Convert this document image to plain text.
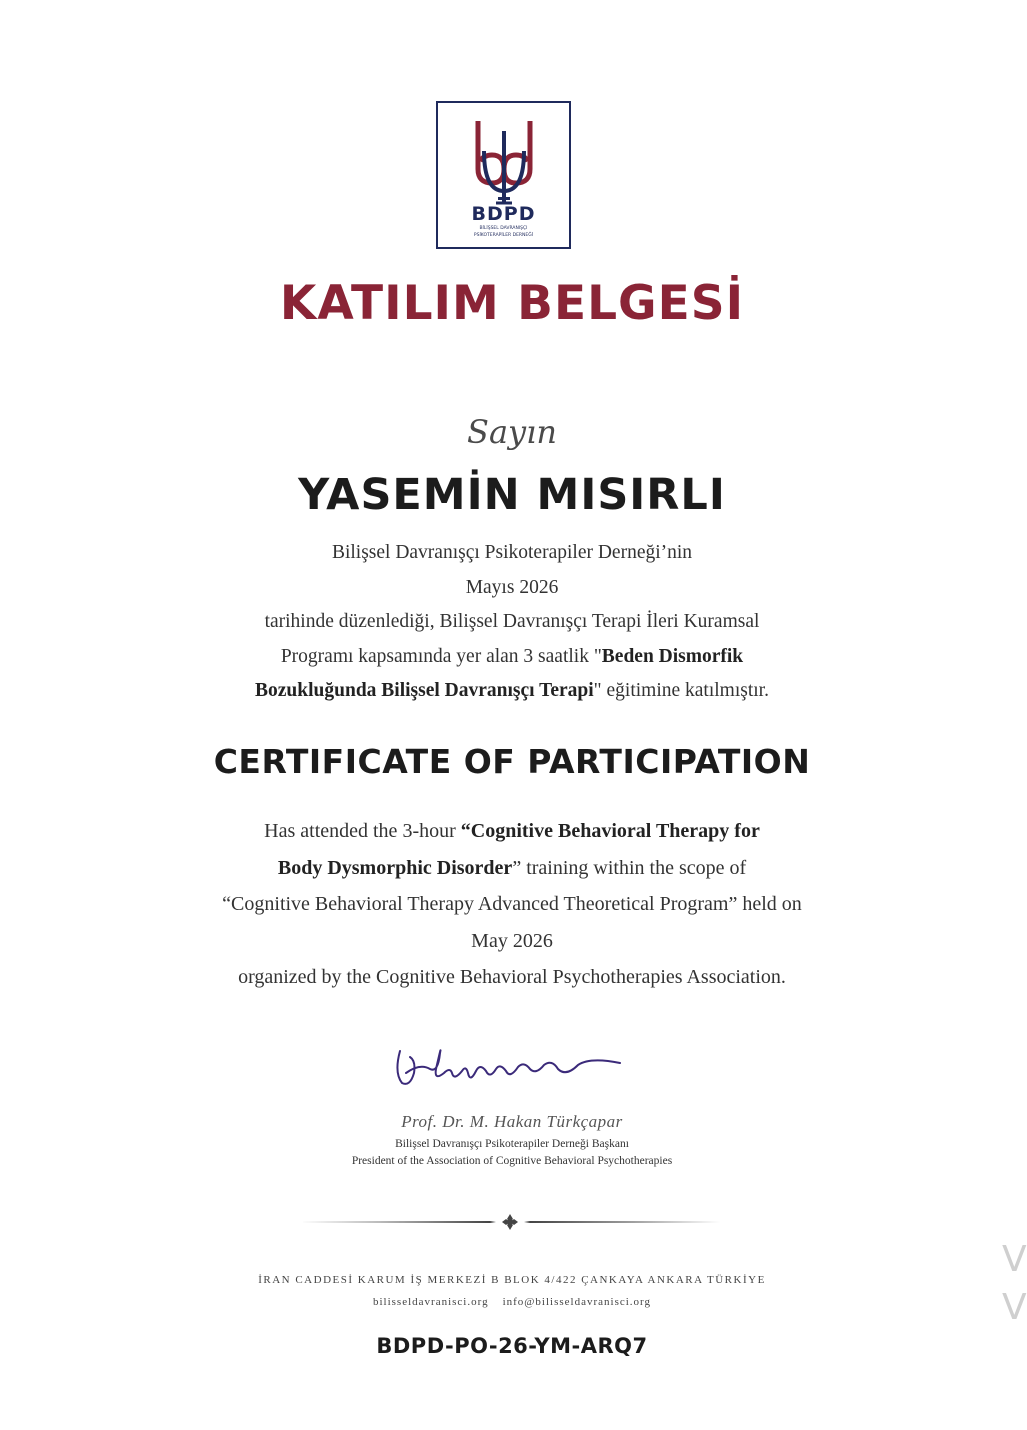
BDPD
BİLİŞSEL DAVRANIŞÇI
PSİKOTERAPİLER DERNEĞİ
KATILIM BELGESİ
Sayın
YASEMİN MISIRLI
Bilişsel Davranışçı Psikoterapiler Derneği’nin
Mayıs 2026
tarihinde düzenlediği, Bilişsel Davranışçı Terapi İleri Kuramsal
Programı kapsamında yer alan 3 saatlik "Beden Dismorfik
Bozukluğunda Bilişsel Davranışçı Terapi" eğitimine katılmıştır.
CERTIFICATE OF PARTICIPATION
Has attended the 3-hour “Cognitive Behavioral Therapy for
Body Dysmorphic Disorder” training within the scope of
“Cognitive Behavioral Therapy Advanced Theoretical Program” held on
May 2026
organized by the Cognitive Behavioral Psychotherapies Association.
Prof. Dr. M. Hakan Türkçapar
Bilişsel Davranışçı Psikoterapiler Derneği Başkanı
President of the Association of Cognitive Behavioral Psychotherapies
İRAN CADDESİ KARUM İŞ MERKEZİ B BLOK 4/422 ÇANKAYA ANKARA TÜRKİYE
bilisseldavranisci.org info@bilisseldavranisci.org
BDPD-PO-26-YM-ARQ7
V
V
